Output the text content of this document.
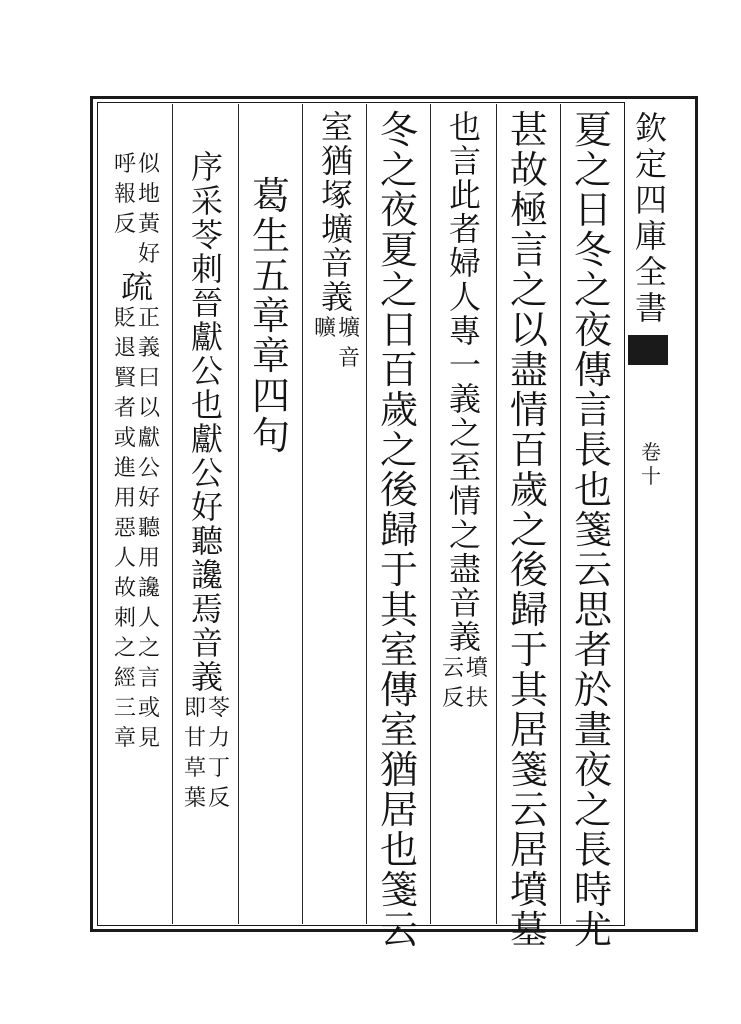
欽
定
四
庫
全
書
卷
十
夏
之
日
冬
之
夜
傳
言
長
也
箋
云
思
者
於
晝
夜
之
長
時
尤
甚
故
極
言
之
以
盡
情
百
歲
之
後
歸
于
其
居
箋
云
居
墳
墓
也
言
此
者
婦
人
專
一
義
之
至
情
之
盡
音
義
云
反
墳
扶
冬
之
夜
夏
之
日
百
歲
之
後
歸
于
其
室
傳
室
猶
居
也
箋
云
室
猶
塚
壙
音
義
曠 壙
音
葛
生
五
章
章
四
句
序
采
苓
刺
晉
獻
公
也
獻
公
好
聽
讒
焉
音
義
即
甘
草
葉
苓
力
丁
反
呼
報
反
似
地
黃
好
疏
貶
退
賢
者
或
進
用
惡
人
故
刺
之
經
三
章
正
義
曰
以
獻
公
好
聽
用
讒
人
之
言
或
見
